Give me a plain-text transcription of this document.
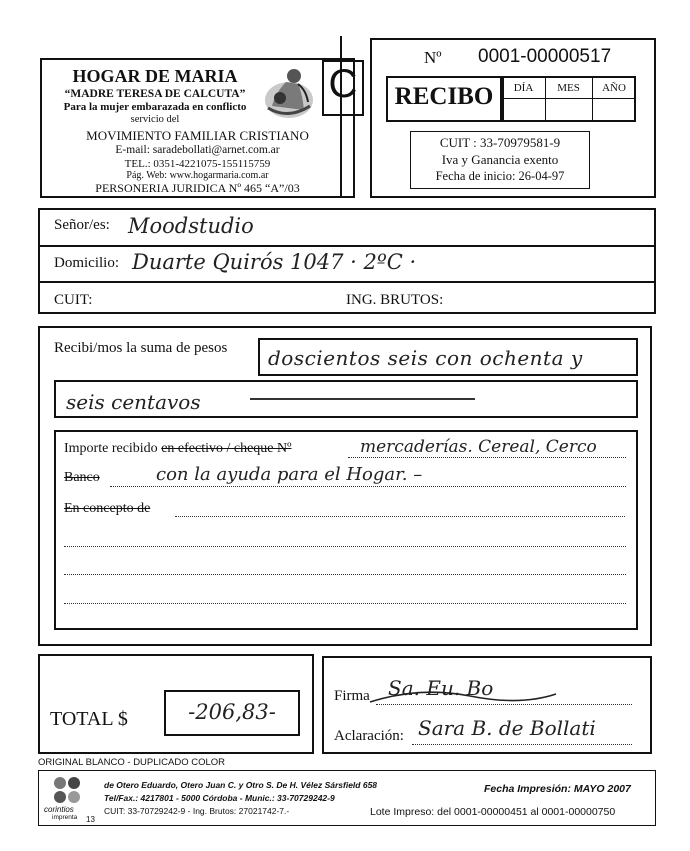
HOGAR DE MARIA
“MADRE TERESA DE CALCUTA”
Para la mujer embarazada en conflicto
servicio del
MOVIMIENTO FAMILIAR CRISTIANO
E-mail: saradebollati@arnet.com.ar
TEL.: 0351-4221075-155115759
Pág. Web: www.hogarmaria.com.ar
PERSONERIA JURIDICA Nº 465 “A”/03
C
Nº 0001-00000517
RECIBO	DÍA	MES	AÑO
CUIT : 33-70979581-9
Iva y Ganancia exento
Fecha de inicio: 26-04-97
Señor/es: Moodstudio
Domicilio: Duarte Quirós 1047 · 2ºC ·
CUIT:	ING. BRUTOS:
Recibi/mos la suma de pesos doscientos seis con ochenta y
seis centavos
Importe recibido en efectivo / cheque Nº	mercaderías. Cereal, Cerco
Banco	con la ayuda para el Hogar. –
En concepto de
TOTAL $	-206,83-
Firma Sa. Eu. Bo
Aclaración: Sara B. de Bollati
ORIGINAL BLANCO - DUPLICADO COLOR
corintios
imprenta 13
de Otero Eduardo, Otero Juan C. y Otro S. De H. Vélez Sársfield 658
Tel/Fax.: 4217801 - 5000 Córdoba - Munic.: 33-70729242-9
CUIT: 33-70729242-9 - Ing. Brutos: 27021742-7.-
Fecha Impresión: MAYO 2007
Lote Impreso: del 0001-00000451 al 0001-00000750
